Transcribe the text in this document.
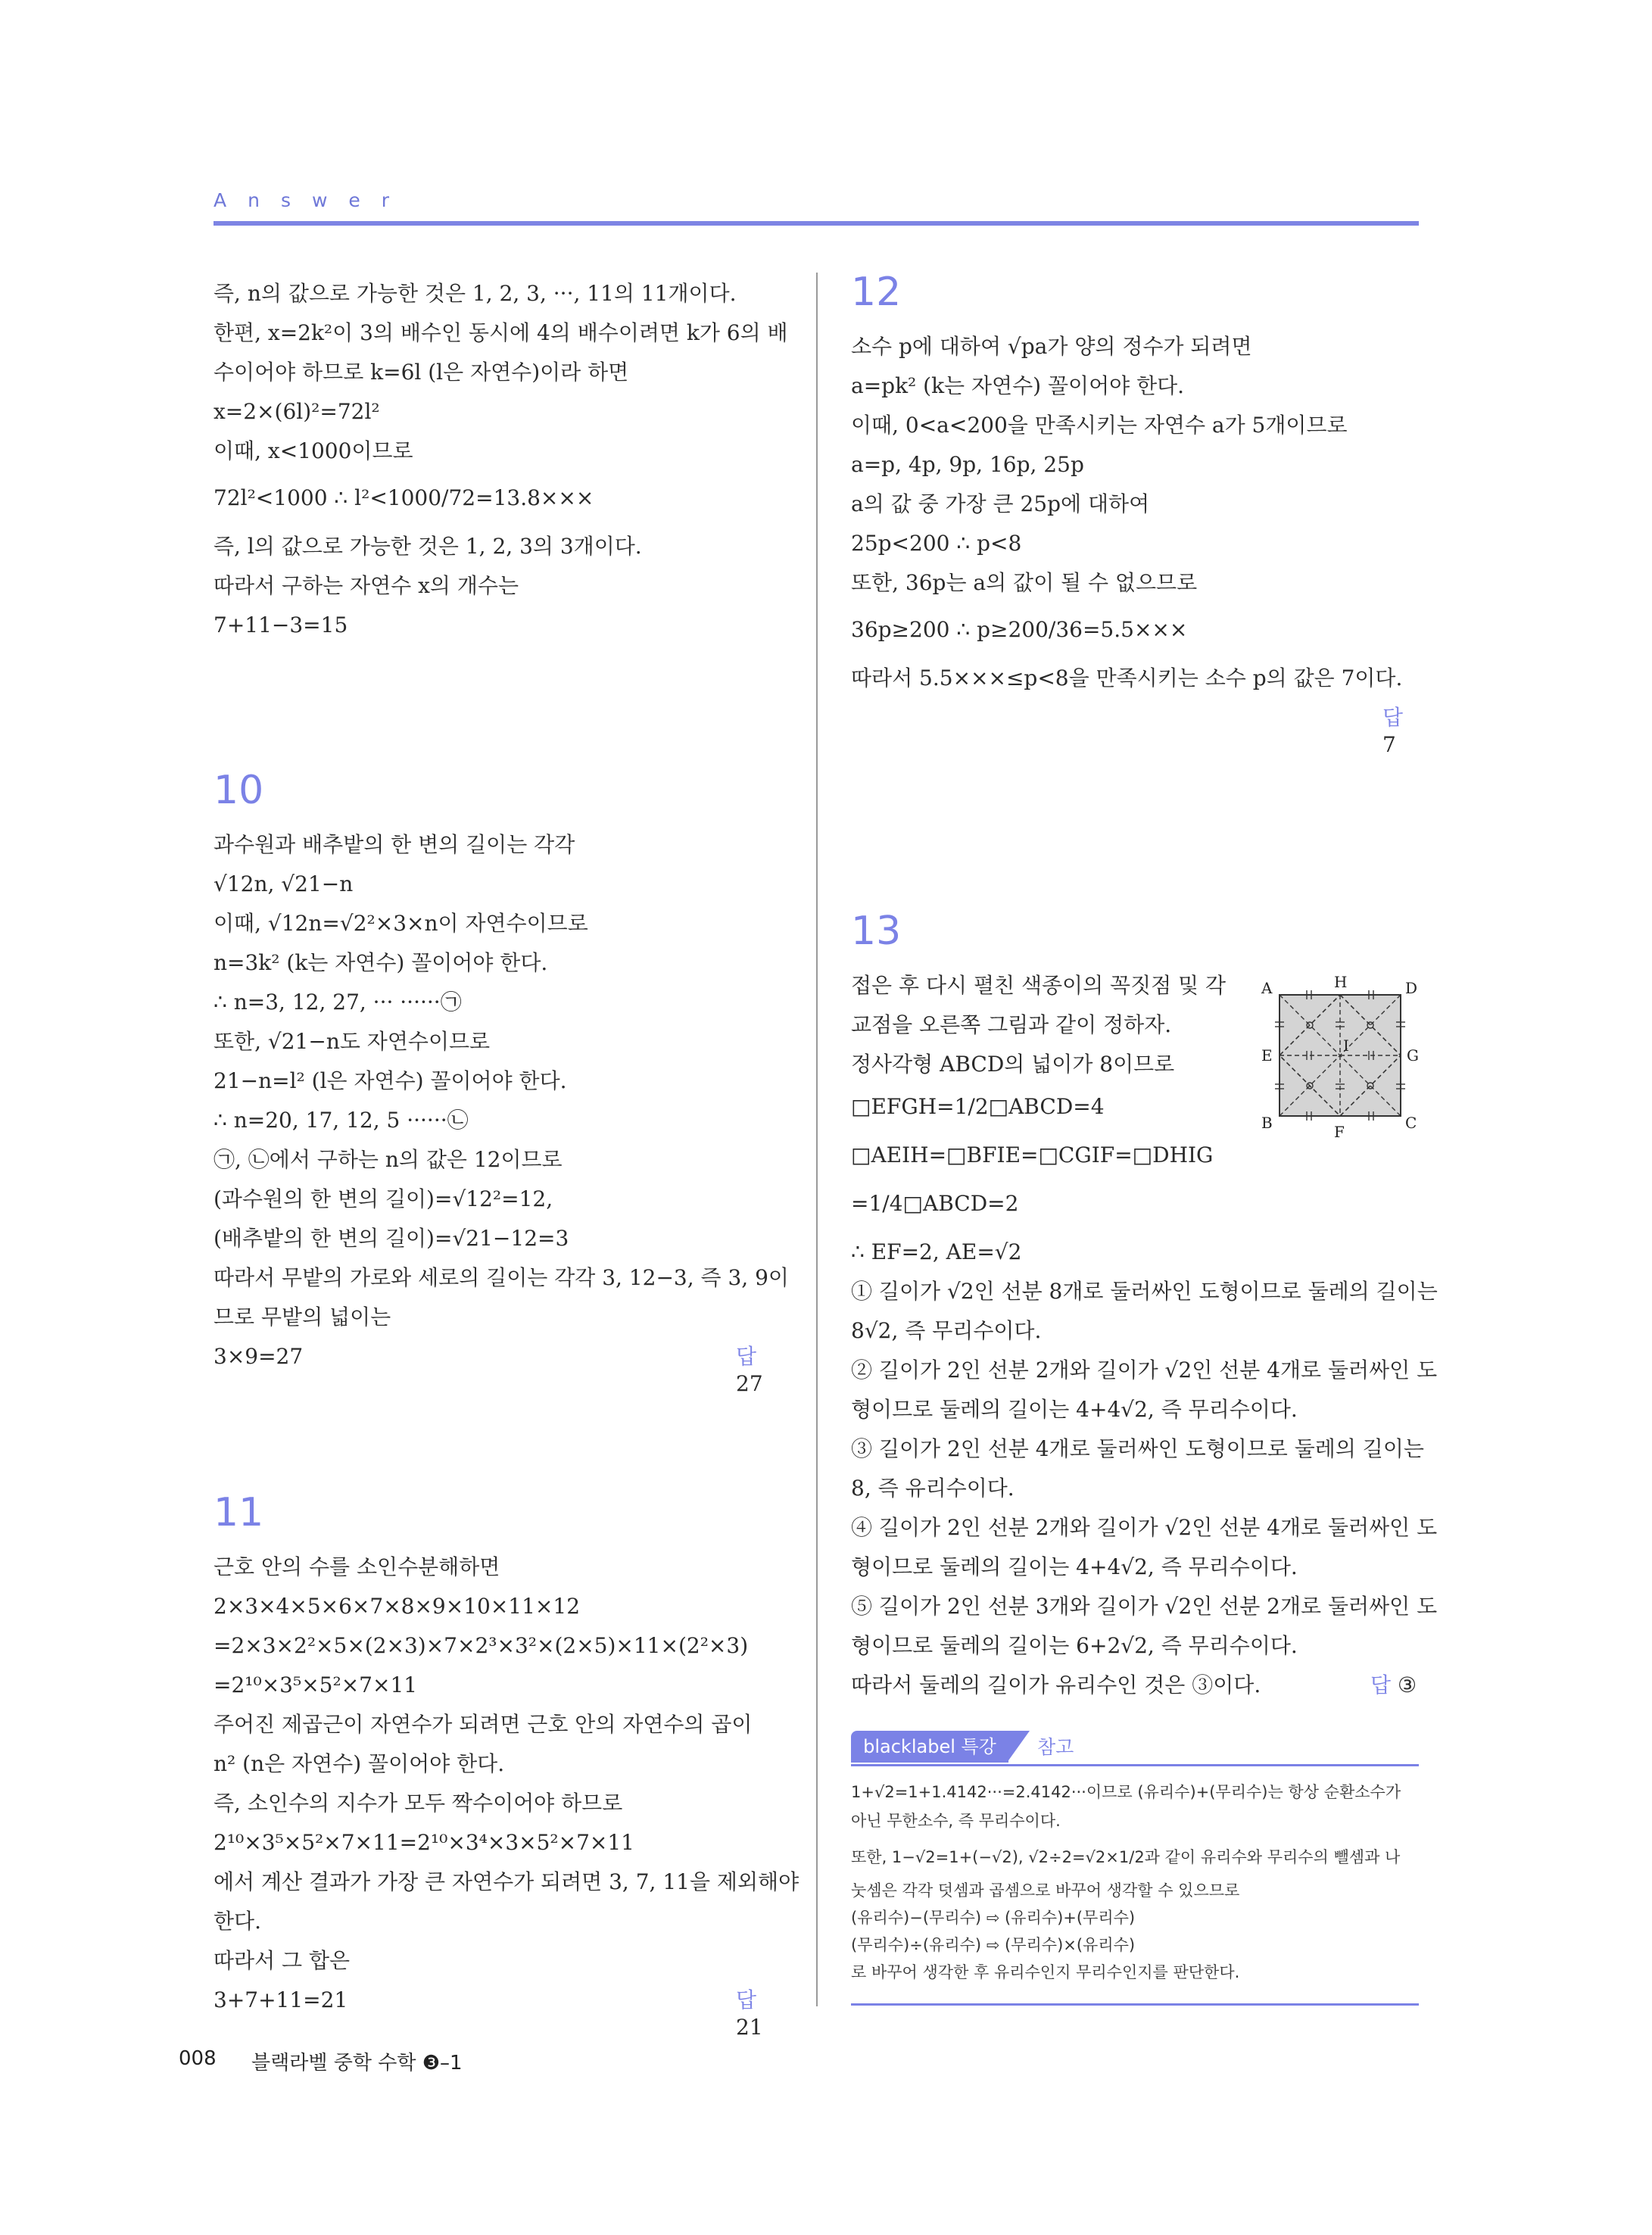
Answer
즉, n의 값으로 가능한 것은 1, 2, 3, ···, 11의 11개이다.
한편, x=2k²이 3의 배수인 동시에 4의 배수이려면 k가 6의 배
수이어야 하므로 k=6l (l은 자연수)이라 하면
x=2×(6l)²=72l²
이때, x<1000이므로
72l²<1000 ∴ l²<1000/72=13.8×××
즉, l의 값으로 가능한 것은 1, 2, 3의 3개이다.
따라서 구하는 자연수 x의 개수는
7+11−3=15
10
과수원과 배추밭의 한 변의 길이는 각각
√12n, √21−n
이때, √12n=√2²×3×n이 자연수이므로
n=3k² (k는 자연수) 꼴이어야 한다.
∴ n=3, 12, 27, ··· ······㉠
또한, √21−n도 자연수이므로
21−n=l² (l은 자연수) 꼴이어야 한다.
∴ n=20, 17, 12, 5 ······㉡
㉠, ㉡에서 구하는 n의 값은 12이므로
(과수원의 한 변의 길이)=√12²=12,
(배추밭의 한 변의 길이)=√21−12=3
따라서 무밭의 가로와 세로의 길이는 각각 3, 12−3, 즉 3, 9이
므로 무밭의 넓이는
3×9=27	답 27
11
근호 안의 수를 소인수분해하면
2×3×4×5×6×7×8×9×10×11×12
=2×3×2²×5×(2×3)×7×2³×3²×(2×5)×11×(2²×3)
=2¹⁰×3⁵×5²×7×11
주어진 제곱근이 자연수가 되려면 근호 안의 자연수의 곱이
n² (n은 자연수) 꼴이어야 한다.
즉, 소인수의 지수가 모두 짝수이어야 하므로
2¹⁰×3⁵×5²×7×11=2¹⁰×3⁴×3×5²×7×11
에서 계산 결과가 가장 큰 자연수가 되려면 3, 7, 11을 제외해야
한다.
따라서 그 합은
3+7+11=21	답 21
12
소수 p에 대하여 √pa가 양의 정수가 되려면
a=pk² (k는 자연수) 꼴이어야 한다.
이때, 0<a<200을 만족시키는 자연수 a가 5개이므로
a=p, 4p, 9p, 16p, 25p
a의 값 중 가장 큰 25p에 대하여
25p<200 ∴ p<8
또한, 36p는 a의 값이 될 수 없으므로
36p≥200 ∴ p≥200/36=5.5×××
따라서 5.5×××≤p<8을 만족시키는 소수 p의 값은 7이다.
답 7
13
접은 후 다시 펼친 색종이의 꼭짓점 및 각
교점을 오른쪽 그림과 같이 정하자.
정사각형 ABCD의 넓이가 8이므로
□EFGH=1/2□ABCD=4
□AEIH=□BFIE=□CGIF=□DHIG
=1/4□ABCD=2
∴ EF=2, AE=√2
① 길이가 √2인 선분 8개로 둘러싸인 도형이므로 둘레의 길이는
8√2, 즉 무리수이다.
② 길이가 2인 선분 2개와 길이가 √2인 선분 4개로 둘러싸인 도
형이므로 둘레의 길이는 4+4√2, 즉 무리수이다.
③ 길이가 2인 선분 4개로 둘러싸인 도형이므로 둘레의 길이는
8, 즉 유리수이다.
④ 길이가 2인 선분 2개와 길이가 √2인 선분 4개로 둘러싸인 도
형이므로 둘레의 길이는 4+4√2, 즉 무리수이다.
⑤ 길이가 2인 선분 3개와 길이가 √2인 선분 2개로 둘러싸인 도
형이므로 둘레의 길이는 6+2√2, 즉 무리수이다.
따라서 둘레의 길이가 유리수인 것은 ③이다.	답 ③
A	D
B	C
H
F
E	G
I
blacklabel 특강	참고
1+√2=1+1.4142···=2.4142···이므로 (유리수)+(무리수)는 항상 순환소수가
아닌 무한소수, 즉 무리수이다.
또한, 1−√2=1+(−√2), √2÷2=√2×1/2과 같이 유리수와 무리수의 뺄셈과 나
눗셈은 각각 덧셈과 곱셈으로 바꾸어 생각할 수 있으므로
(유리수)−(무리수) ⇨ (유리수)+(무리수)
(무리수)÷(유리수) ⇨ (무리수)×(유리수)
로 바꾸어 생각한 후 유리수인지 무리수인지를 판단한다.
008 블랙라벨 중학 수학 ❸–1
